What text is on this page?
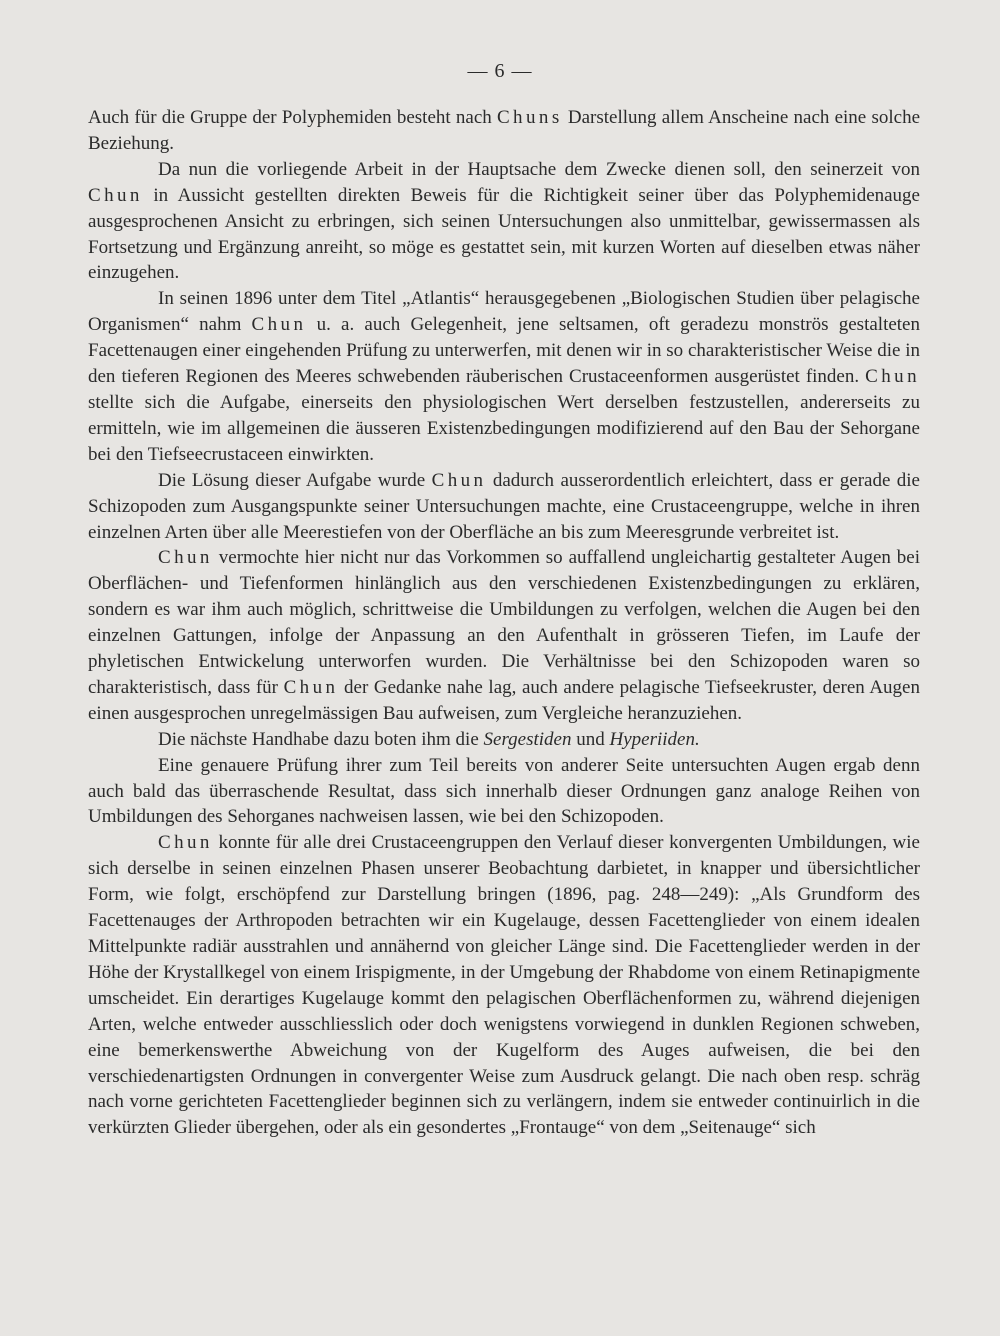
— 6 —

Auch für die Gruppe der Polyphemiden besteht nach Chuns Darstellung allem Anscheine nach eine solche Beziehung.

Da nun die vorliegende Arbeit in der Hauptsache dem Zwecke dienen soll, den seinerzeit von Chun in Aussicht gestellten direkten Beweis für die Richtigkeit seiner über das Polyphemidenauge ausgesprochenen Ansicht zu erbringen, sich seinen Untersuchungen also unmittelbar, gewissermassen als Fortsetzung und Ergänzung anreiht, so möge es gestattet sein, mit kurzen Worten auf dieselben etwas näher einzugehen.

In seinen 1896 unter dem Titel „Atlantis“ herausgegebenen „Biologischen Studien über pelagische Organismen“ nahm Chun u. a. auch Gelegenheit, jene seltsamen, oft geradezu monströs gestalteten Facettenaugen einer eingehenden Prüfung zu unterwerfen, mit denen wir in so charakteristischer Weise die in den tieferen Regionen des Meeres schwebenden räuberischen Crustaceenformen ausgerüstet finden. Chun stellte sich die Aufgabe, einerseits den physiologischen Wert derselben festzustellen, andererseits zu ermitteln, wie im allgemeinen die äusseren Existenzbedingungen modifizierend auf den Bau der Sehorgane bei den Tiefseecrustaceen einwirkten.

Die Lösung dieser Aufgabe wurde Chun dadurch ausserordentlich erleichtert, dass er gerade die Schizopoden zum Ausgangspunkte seiner Untersuchungen machte, eine Crustaceengruppe, welche in ihren einzelnen Arten über alle Meerestiefen von der Oberfläche an bis zum Meeresgrunde verbreitet ist.

Chun vermochte hier nicht nur das Vorkommen so auffallend ungleichartig gestalteter Augen bei Oberflächen- und Tiefenformen hinlänglich aus den verschiedenen Existenzbedingungen zu erklären, sondern es war ihm auch möglich, schrittweise die Umbildungen zu verfolgen, welchen die Augen bei den einzelnen Gattungen, infolge der Anpassung an den Aufenthalt in grösseren Tiefen, im Laufe der phyletischen Entwickelung unterworfen wurden. Die Verhältnisse bei den Schizopoden waren so charakteristisch, dass für Chun der Gedanke nahe lag, auch andere pelagische Tiefseekruster, deren Augen einen ausgesprochen unregelmässigen Bau aufweisen, zum Vergleiche heranzuziehen.

Die nächste Handhabe dazu boten ihm die Sergestiden und Hyperiiden.

Eine genauere Prüfung ihrer zum Teil bereits von anderer Seite untersuchten Augen ergab denn auch bald das überraschende Resultat, dass sich innerhalb dieser Ordnungen ganz analoge Reihen von Umbildungen des Sehorganes nachweisen lassen, wie bei den Schizopoden.

Chun konnte für alle drei Crustaceengruppen den Verlauf dieser konvergenten Umbildungen, wie sich derselbe in seinen einzelnen Phasen unserer Beobachtung darbietet, in knapper und übersichtlicher Form, wie folgt, erschöpfend zur Darstellung bringen (1896, pag. 248—249): „Als Grundform des Facettenauges der Arthropoden betrachten wir ein Kugelauge, dessen Facettenglieder von einem idealen Mittelpunkte radiär ausstrahlen und annähernd von gleicher Länge sind. Die Facettenglieder werden in der Höhe der Krystallkegel von einem Irispigmente, in der Umgebung der Rhabdome von einem Retinapigmente umscheidet. Ein derartiges Kugelauge kommt den pelagischen Oberflächenformen zu, während diejenigen Arten, welche entweder ausschliesslich oder doch wenigstens vorwiegend in dunklen Regionen schweben, eine bemerkenswerthe Abweichung von der Kugelform des Auges aufweisen, die bei den verschiedenartigsten Ordnungen in convergenter Weise zum Ausdruck gelangt. Die nach oben resp. schräg nach vorne gerichteten Facettenglieder beginnen sich zu verlängern, indem sie entweder continuirlich in die verkürzten Glieder übergehen, oder als ein gesondertes „Frontauge“ von dem „Seitenauge“ sich
